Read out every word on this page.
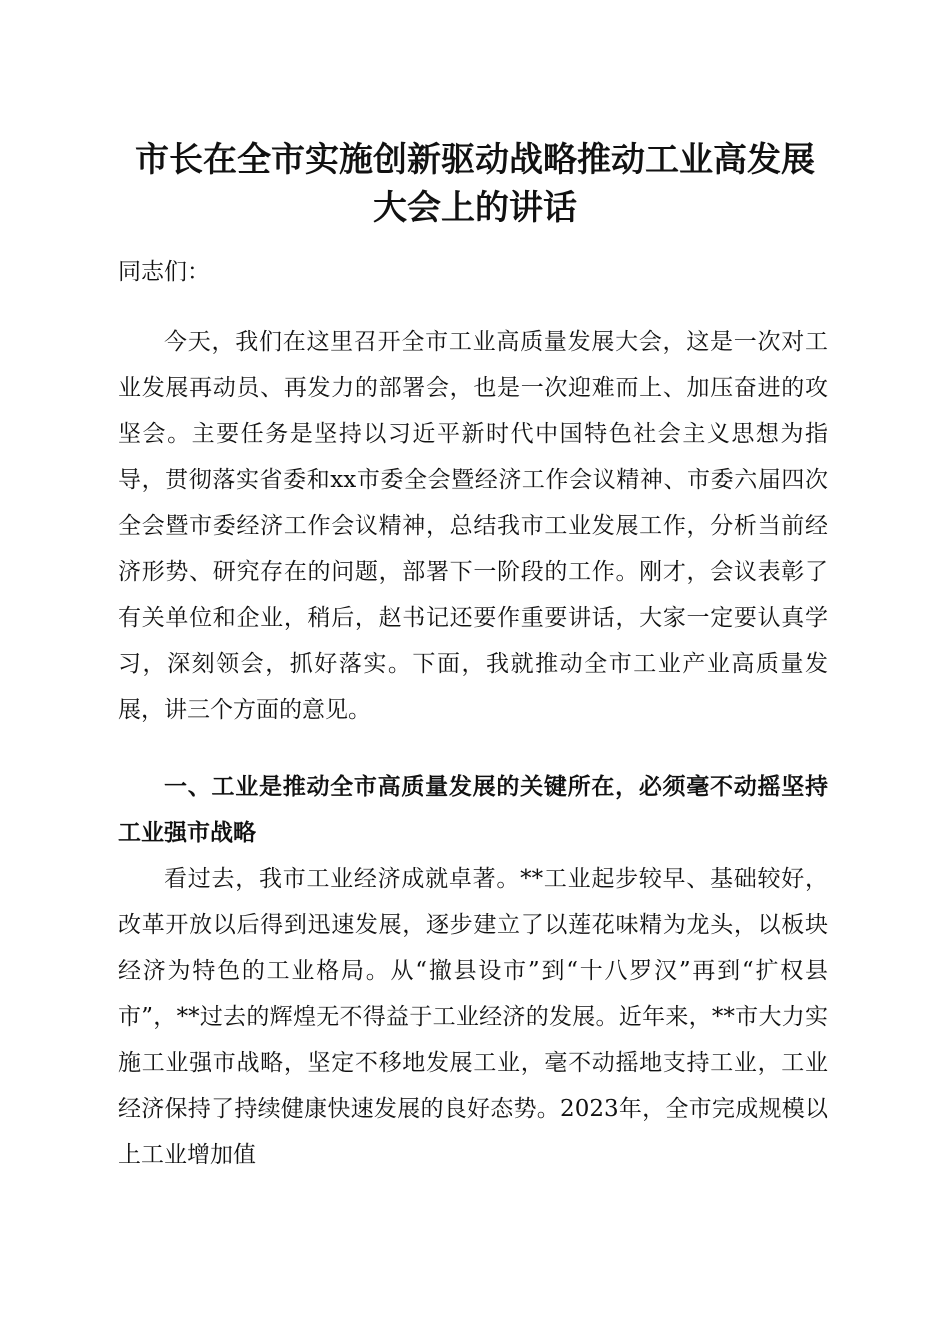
市长在全市实施创新驱动战略推动工业高发展
大会上的讲话
同志们：
今天，我们在这里召开全市工业高质量发展大会，这是一次对工业发展再动员、再发力的部署会，也是一次迎难而上、加压奋进的攻坚会。主要任务是坚持以习近平新时代中国特色社会主义思想为指导，贯彻落实省委和xx市委全会暨经济工作会议精神、市委六届四次全会暨市委经济工作会议精神，总结我市工业发展工作，分析当前经济形势、研究存在的问题，部署下一阶段的工作。刚才，会议表彰了有关单位和企业，稍后，赵书记还要作重要讲话，大家一定要认真学习，深刻领会，抓好落实。下面，我就推动全市工业产业高质量发展，讲三个方面的意见。
一、工业是推动全市高质量发展的关键所在，必须毫不动摇坚持工业强市战略
看过去，我市工业经济成就卓著。**工业起步较早、基础较好，改革开放以后得到迅速发展，逐步建立了以莲花味精为龙头，以板块经济为特色的工业格局。从“撤县设市”到“十八罗汉”再到“扩权县市”，**过去的辉煌无不得益于工业经济的发展。近年来，**市大力实施工业强市战略，坚定不移地发展工业，毫不动摇地支持工业，工业经济保持了持续健康快速发展的良好态势。2023年，全市完成规模以上工业增加值
